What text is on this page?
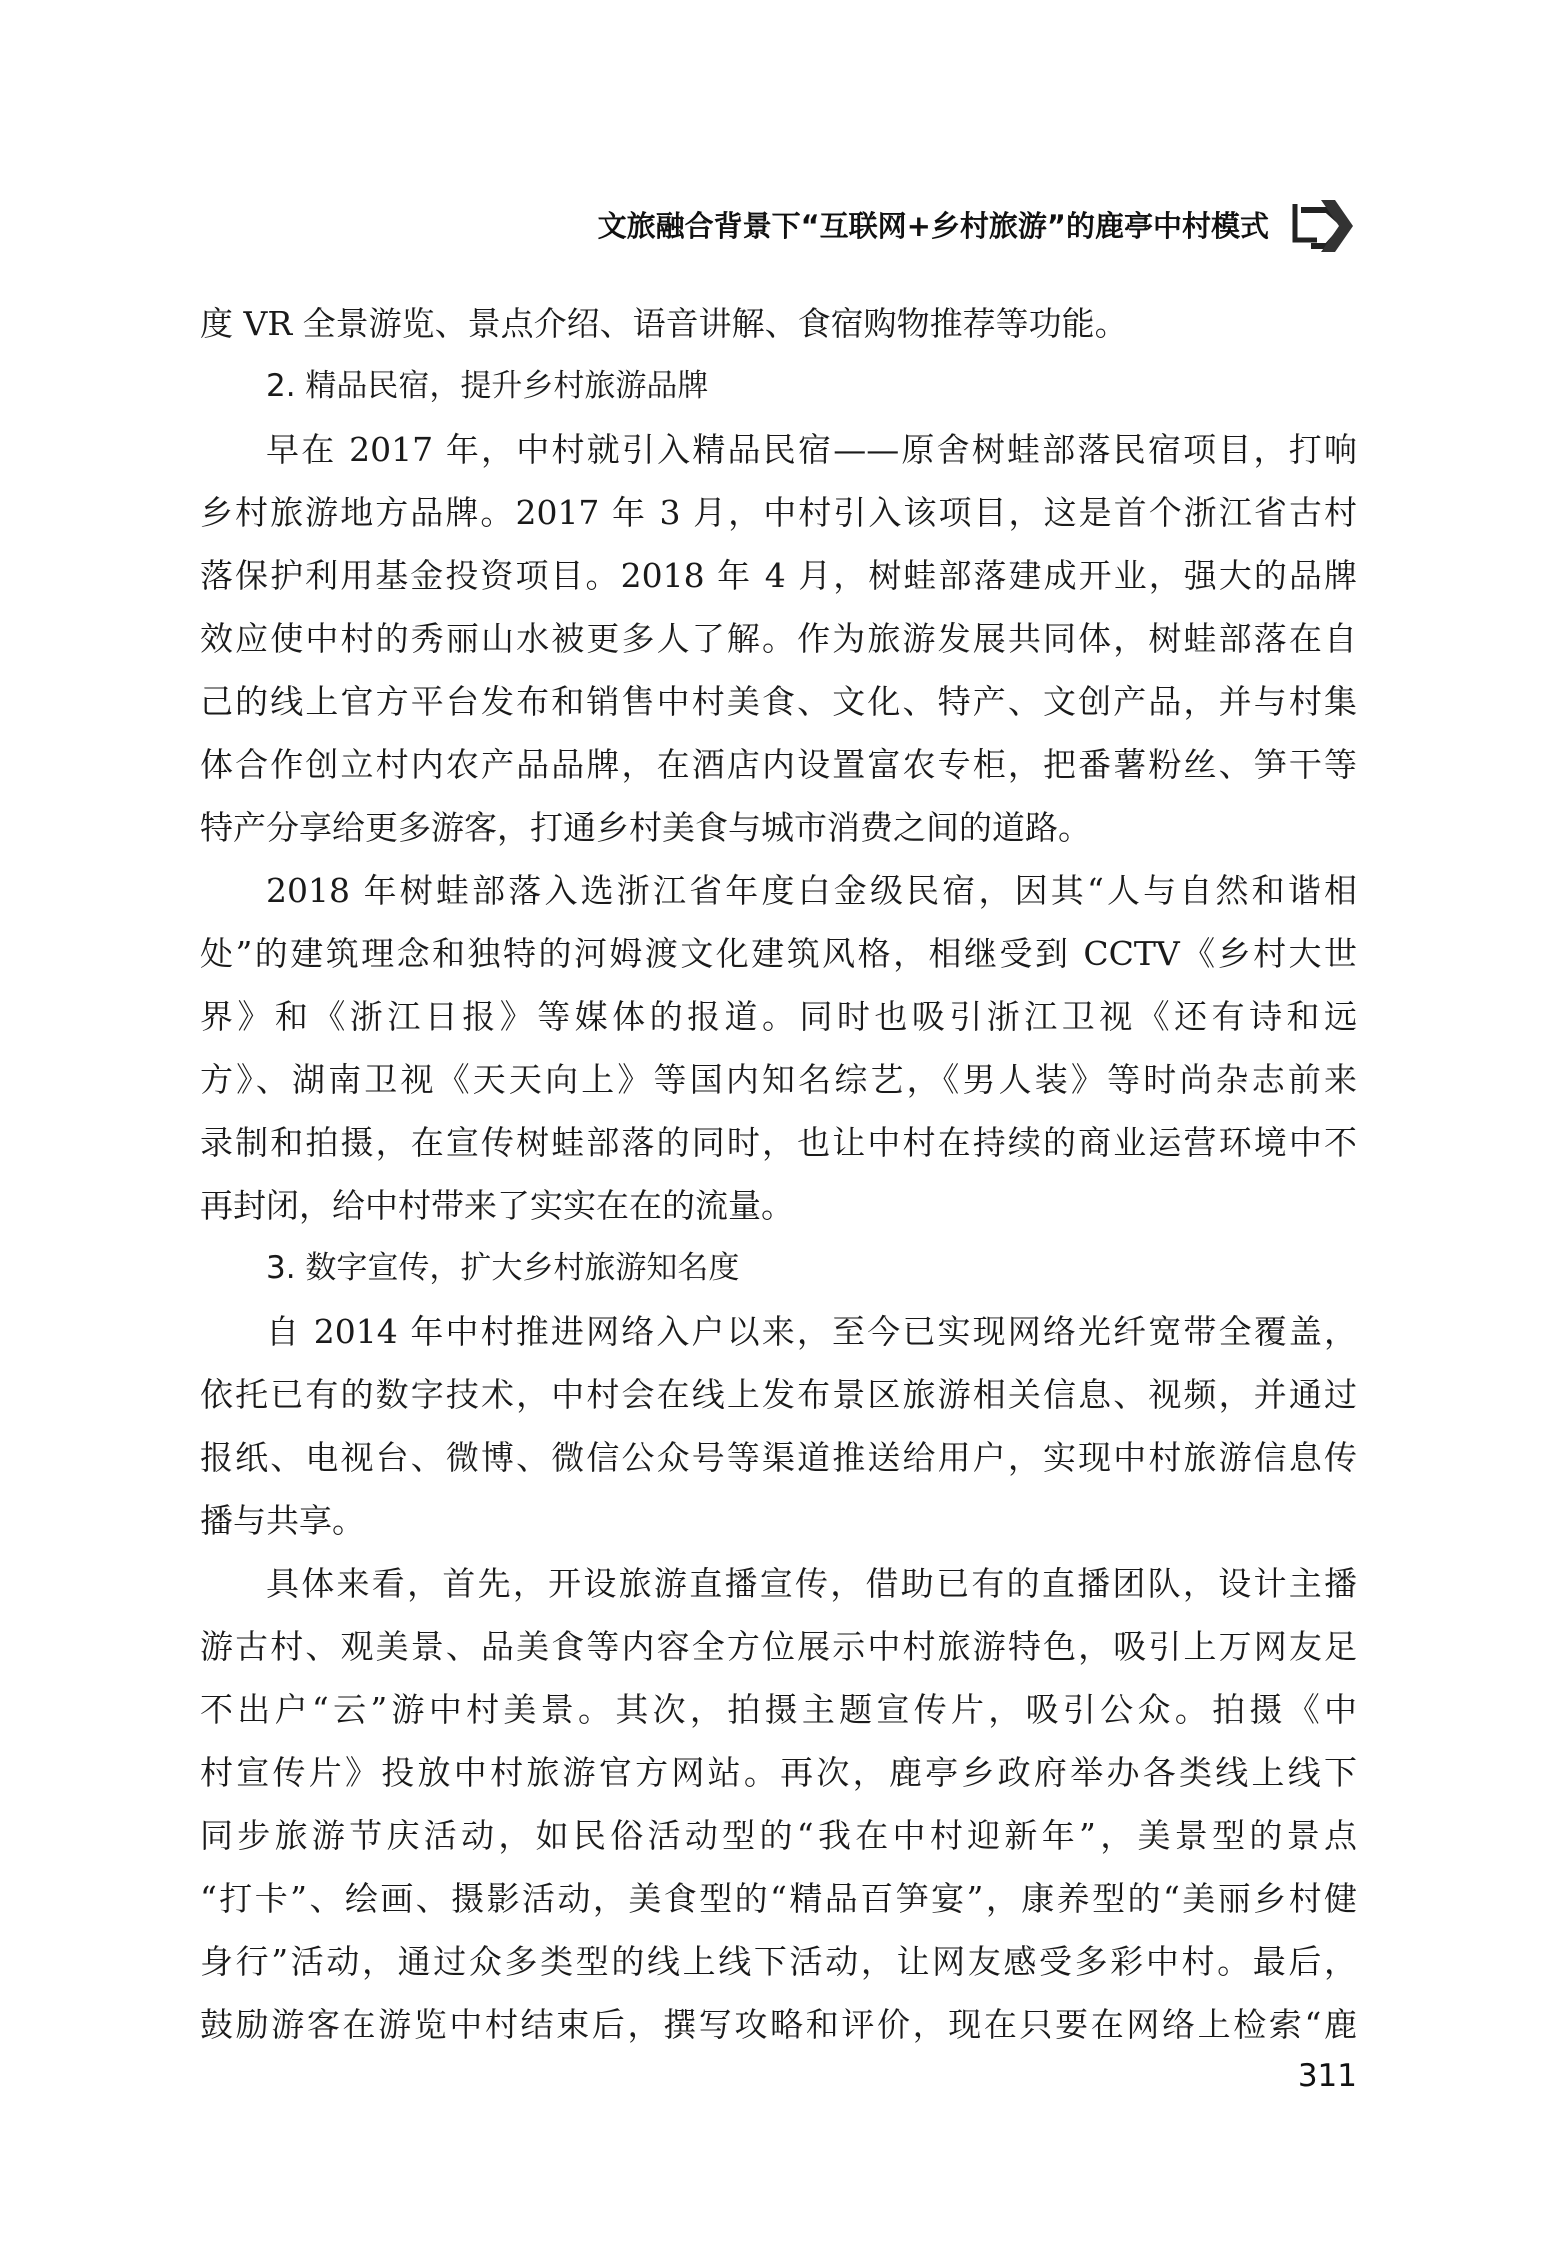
文旅融合背景下“互联网+乡村旅游”的鹿亭中村模式
度 VR 全景游览、景点介绍、语音讲解、食宿购物推荐等功能。
2. 精品民宿，提升乡村旅游品牌
早在 2017 年，中村就引入精品民宿——原舍树蛙部落民宿项目，打响
乡村旅游地方品牌。2017 年 3 月，中村引入该项目，这是首个浙江省古村
落保护利用基金投资项目。2018 年 4 月，树蛙部落建成开业，强大的品牌
效应使中村的秀丽山水被更多人了解。作为旅游发展共同体，树蛙部落在自
己的线上官方平台发布和销售中村美食、文化、特产、文创产品，并与村集
体合作创立村内农产品品牌，在酒店内设置富农专柜，把番薯粉丝、笋干等
特产分享给更多游客，打通乡村美食与城市消费之间的道路。
2018 年树蛙部落入选浙江省年度白金级民宿，因其“人与自然和谐相
处”的建筑理念和独特的河姆渡文化建筑风格，相继受到 CCTV《乡村大世
界》和《浙江日报》等媒体的报道。同时也吸引浙江卫视《还有诗和远
方》、湖南卫视《天天向上》等国内知名综艺，《男人装》等时尚杂志前来
录制和拍摄，在宣传树蛙部落的同时，也让中村在持续的商业运营环境中不
再封闭，给中村带来了实实在在的流量。
3. 数字宣传，扩大乡村旅游知名度
自 2014 年中村推进网络入户以来，至今已实现网络光纤宽带全覆盖，
依托已有的数字技术，中村会在线上发布景区旅游相关信息、视频，并通过
报纸、电视台、微博、微信公众号等渠道推送给用户，实现中村旅游信息传
播与共享。
具体来看，首先，开设旅游直播宣传，借助已有的直播团队，设计主播
游古村、观美景、品美食等内容全方位展示中村旅游特色，吸引上万网友足
不出户“云”游中村美景。其次，拍摄主题宣传片，吸引公众。拍摄《中
村宣传片》投放中村旅游官方网站。再次，鹿亭乡政府举办各类线上线下
同步旅游节庆活动，如民俗活动型的“我在中村迎新年”，美景型的景点
“打卡”、绘画、摄影活动，美食型的“精品百笋宴”，康养型的“美丽乡村健
身行”活动，通过众多类型的线上线下活动，让网友感受多彩中村。最后，
鼓励游客在游览中村结束后，撰写攻略和评价，现在只要在网络上检索“鹿
311
